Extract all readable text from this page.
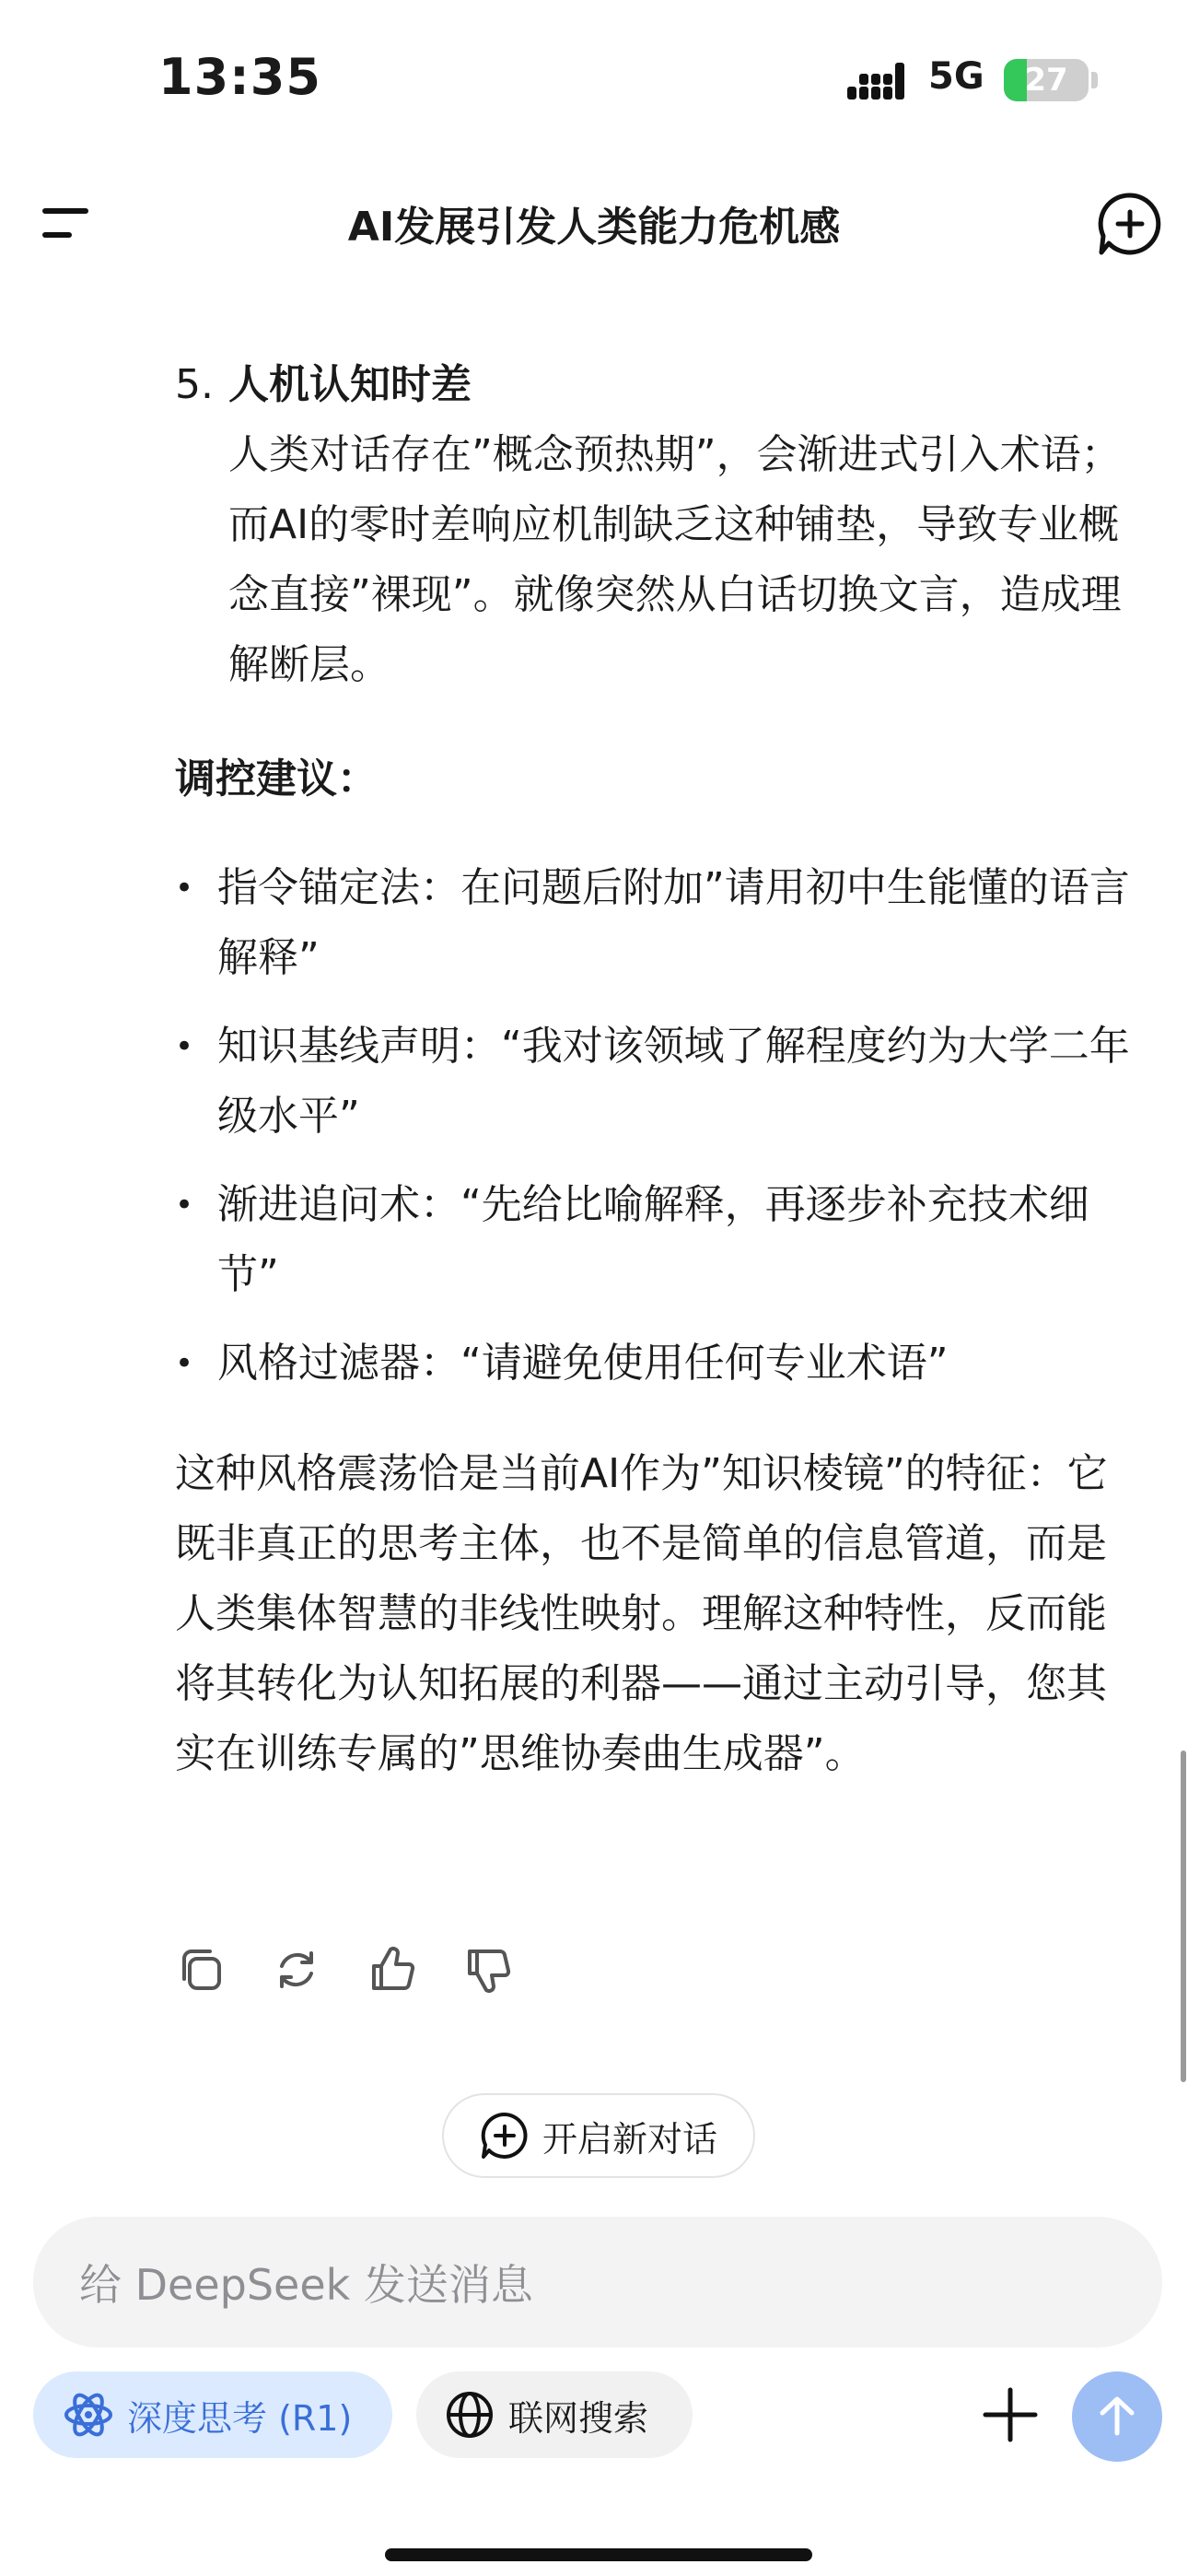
13:35	5G	27
AI发展引发人类能力危机感
5. 人机认知时差

人类对话存在”概念预热期”，会渐进式引入术语；而AI的零时差响应机制缺乏这种铺垫，导致专业概念直接”裸现”。就像突然从白话切换文言，造成理解断层。

调控建议：

• 指令锚定法：在问题后附加”请用初中生能懂的语言解释”
• 知识基线声明：“我对该领域了解程度约为大学二年级水平”
• 渐进追问术：“先给比喻解释，再逐步补充技术细节”
• 风格过滤器：“请避免使用任何专业术语”

这种风格震荡恰是当前AI作为”知识棱镜”的特征：它既非真正的思考主体，也不是简单的信息管道，而是人类集体智慧的非线性映射。理解这种特性，反而能将其转化为认知拓展的利器——通过主动引导，您其实在训练专属的”思维协奏曲生成器”。

开启新对话
给 DeepSeek 发送消息
深度思考 (R1)	联网搜索
